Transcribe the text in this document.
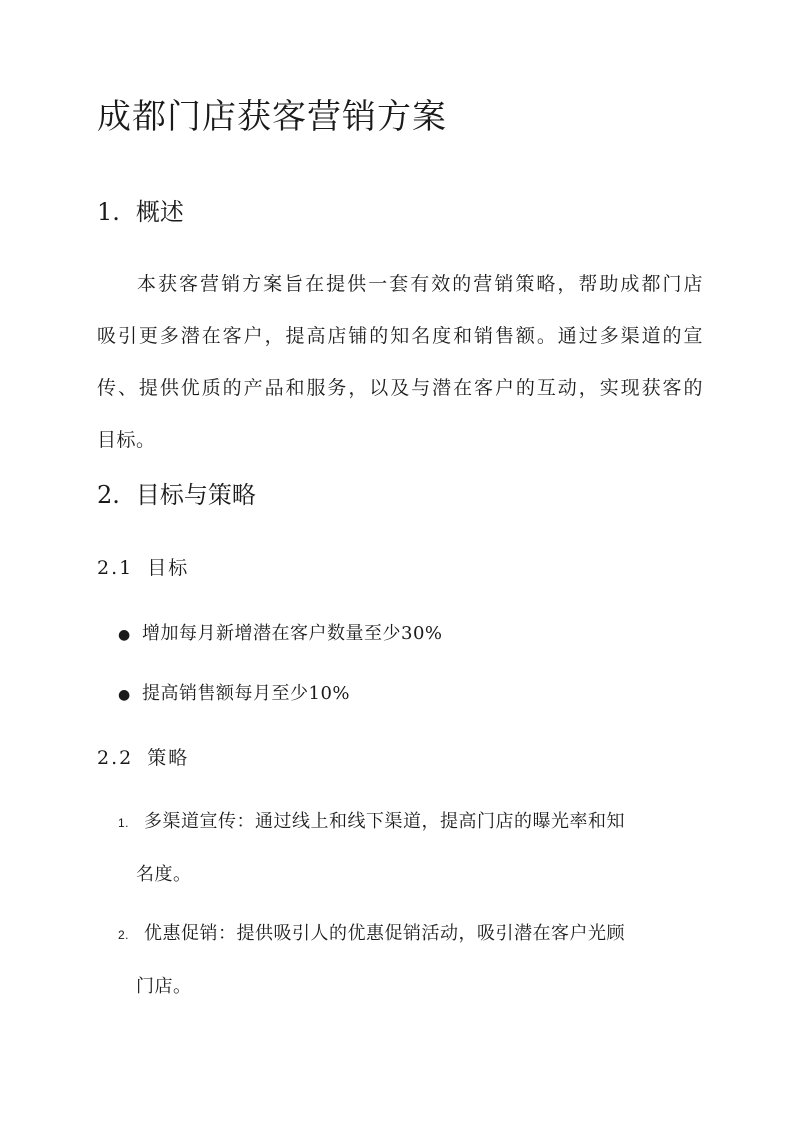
成都门店获客营销方案
1. 概述
本获客营销方案旨在提供一套有效的营销策略，帮助成都门店
吸引更多潜在客户，提高店铺的知名度和销售额。通过多渠道的宣
传、提供优质的产品和服务，以及与潜在客户的互动，实现获客的
目标。
2. 目标与策略
2.1 目标
● 增加每月新增潜在客户数量至少30%
● 提高销售额每月至少10%
2.2 策略
1. 多渠道宣传：通过线上和线下渠道，提高门店的曝光率和知
名度。
2. 优惠促销：提供吸引人的优惠促销活动，吸引潜在客户光顾
门店。
